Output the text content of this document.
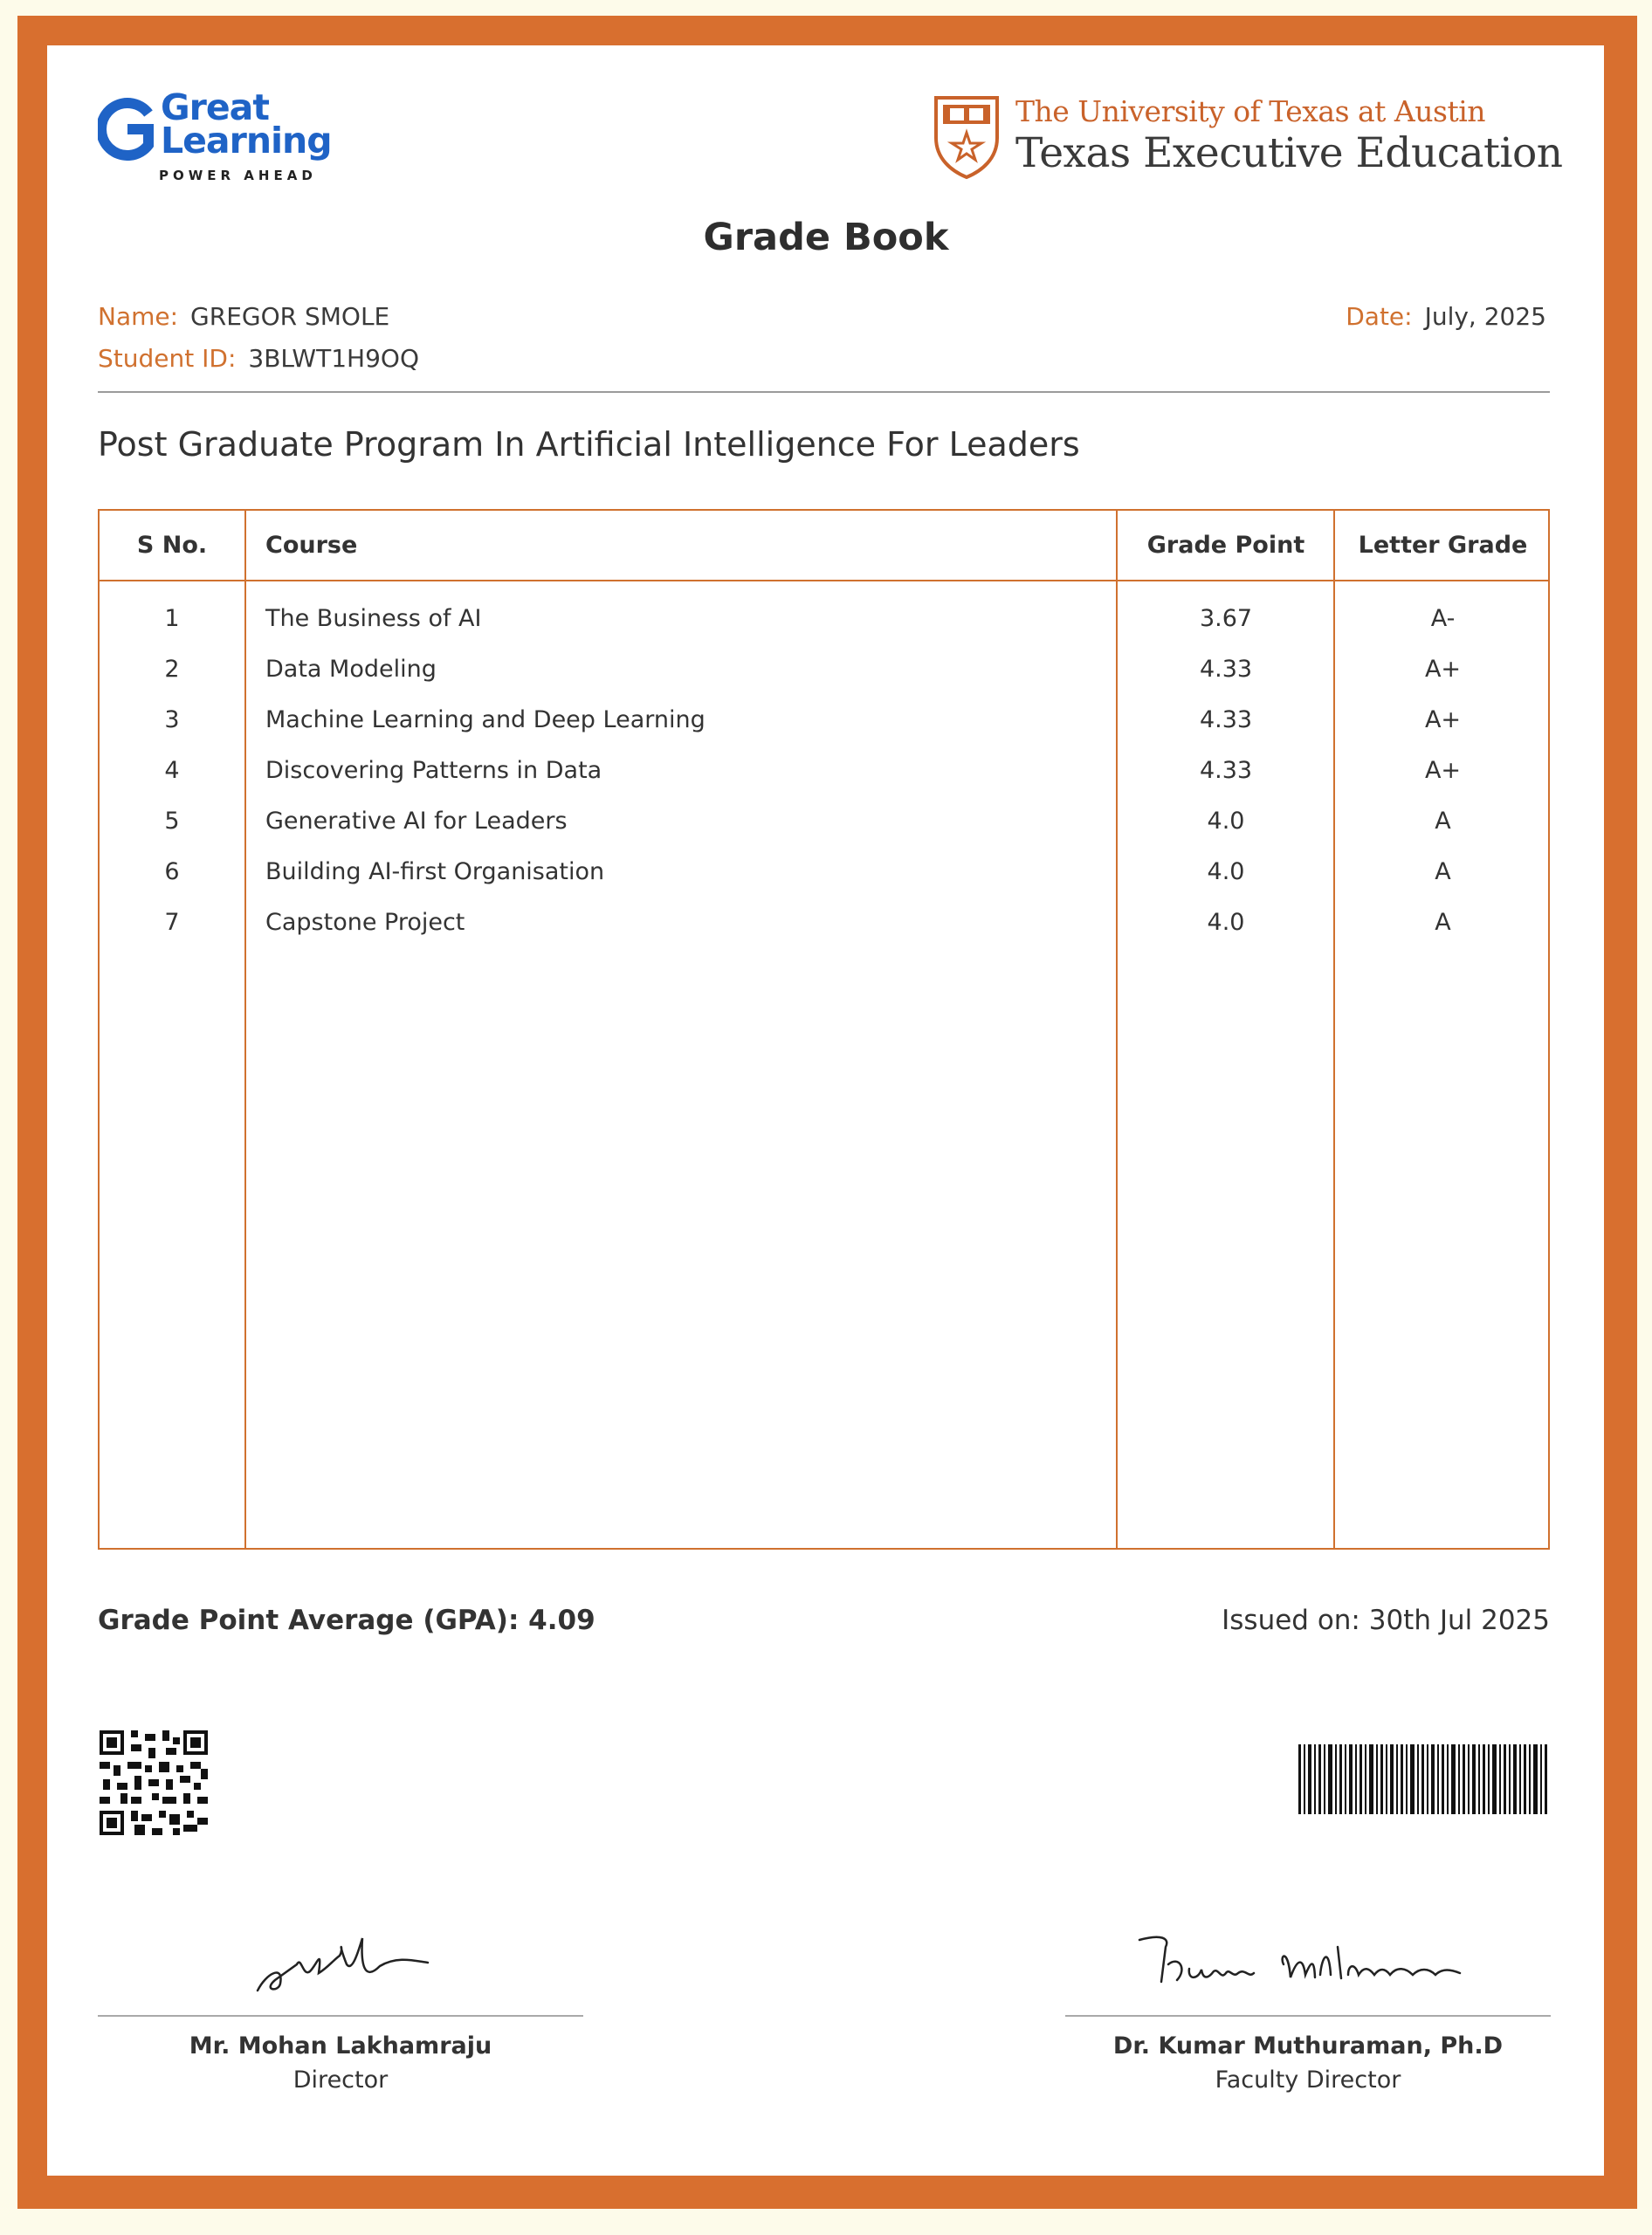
Great
Learning
POWER AHEAD
The University of Texas at Austin
Texas Executive Education
Grade Book
Name: GREGOR SMOLE
Student ID: 3BLWT1H9OQ
Date: July, 2025
Post Graduate Program In Artificial Intelligence For Leaders
S No.	Course	Grade Point	Letter Grade
1	The Business of AI	3.67	A-
2	Data Modeling	4.33	A+
3	Machine Learning and Deep Learning	4.33	A+
4	Discovering Patterns in Data	4.33	A+
5	Generative AI for Leaders	4.0	A
6	Building AI-first Organisation	4.0	A
7	Capstone Project	4.0	A
Grade Point Average (GPA): 4.09	Issued on: 30th Jul 2025
Mr. Mohan Lakhamraju
Director
Dr. Kumar Muthuraman, Ph.D
Faculty Director
